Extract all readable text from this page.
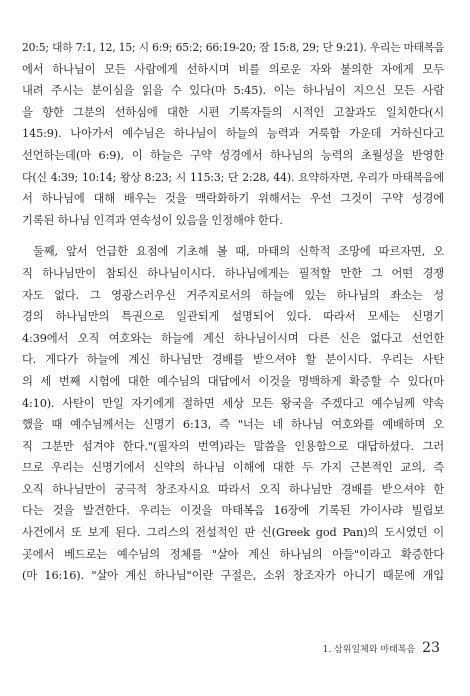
20:5; 대하 7:1, 12, 15; 시 6:9; 65:2; 66:19-20; 잠 15:8, 29; 단 9:21). 우리는 마태복음
에서 하나님이 모든 사람에게 선하시며 비를 의로운 자와 불의한 자에게 모두
내려 주시는 분이심을 읽을 수 있다(마 5:45). 이는 하나님이 지으신 모든 사람
을 향한 그분의 선하심에 대한 시편 기록자들의 시적인 고찰과도 일치한다(시
145:9). 나아가서 예수님은 하나님이 하늘의 능력과 거룩함 가운데 거하신다고
선언하는데(마 6:9), 이 하늘은 구약 성경에서 하나님의 능력의 초월성을 반영한
다(신 4:39; 10:14; 왕상 8:23; 시 115:3; 단 2:28, 44). 요약하자면, 우리가 마태복음에
서 하나님에 대해 배우는 것을 맥락화하기 위해서는 우선 그것이 구약 성경에
기록된 하나님 인격과 연속성이 있음을 인정해야 한다.

둘째, 앞서 언급한 요점에 기초해 볼 때, 마태의 신학적 조망에 따르자면, 오
직 하나님만이 참되신 하나님이시다. 하나님에게는 필적할 만한 그 어떤 경쟁
자도 없다. 그 영광스러우신 거주지로서의 하늘에 있는 하나님의 좌소는 성
경의 하나님만의 특권으로 일관되게 설명되어 있다. 따라서 모세는 신명기
4:39에서 오직 여호와는 하늘에 계신 하나님이시며 다른 신은 없다고 선언한
다. 게다가 하늘에 계신 하나님만 경배를 받으셔야 할 분이시다. 우리는 사탄
의 세 번째 시험에 대한 예수님의 대답에서 이것을 명백하게 확증할 수 있다(마
4:10). 사탄이 만일 자기에게 절하면 세상 모든 왕국을 주겠다고 예수님께 약속
했을 때 예수님께서는 신명기 6:13, 즉 "너는 네 하나님 여호와를 예배하며 오
직 그분만 섬겨야 한다."(필자의 번역)라는 말씀을 인용함으로 대답하셨다. 그러
므로 우리는 신명기에서 신약의 하나님 이해에 대한 두 가지 근본적인 교의, 즉
오직 하나님만이 궁극적 창조자시요 따라서 오직 하나님만 경배를 받으셔야 한
다는 것을 발견한다. 우리는 이것을 마태복음 16장에 기록된 가이사랴 빌립보
사건에서 또 보게 된다. 그리스의 전설적인 판 신(Greek god Pan)의 도시였던 이
곳에서 베드로는 예수님의 정체를 "살아 계신 하나님의 아들"이라고 확증한다
(마 16:16). "살아 계신 하나님"이란 구절은, 소위 창조자가 아니기 때문에 개입

1. 삼위일체와 마태복음 23
